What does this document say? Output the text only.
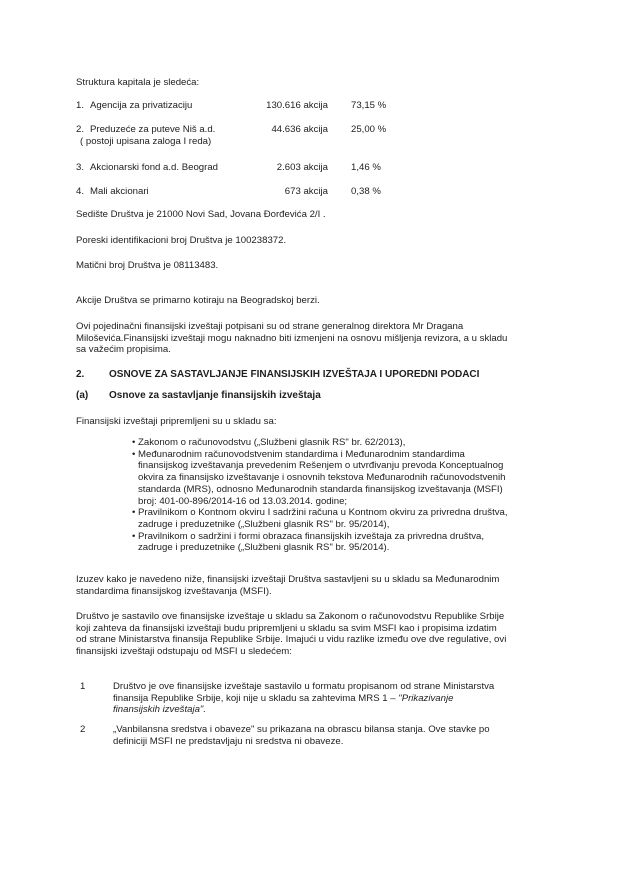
Struktura kapitala je sledeća:
1. Agencija za privatizaciju	130.616 akcija 73,15 %
2. Preduzeće za puteve Niš a.d.	44.636 akcija 25,00 %
( postoji upisana zaloga I reda)
3. Akcionarski fond a.d. Beograd	2.603 akcija 1,46 %
4. Mali akcionari	673 akcija 0,38 %
Sedište Društva je 21000 Novi Sad, Jovana Đorđevića 2/I .
Poreski identifikacioni broj Društva je 100238372.
Matični broj Društva je 08113483.
Akcije Društva se primarno kotiraju na Beogradskoj berzi.
Ovi pojedinačni finansijski izveštaji potpisani su od strane generalnog direktora Mr Dragana
Miloševića.Finansijski izveštaji mogu naknadno biti izmenjeni na osnovu mišljenja revizora, a u skladu
sa važećim propisima.
2. OSNOVE ZA SASTAVLJANJE FINANSIJSKIH IZVEŠTAJA I UPOREDNI PODACI
(a) Osnove za sastavljanje finansijskih izveštaja
Finansijski izveštaji pripremljeni su u skladu sa:
• Zakonom o računovodstvu („Službeni glasnik RS" br. 62/2013),
• Međunarodnim računovodstvenim standardima i Međunarodnim standardima
finansijskog izveštavanja prevedenim Rešenjem o utvrđivanju prevoda Konceptualnog
okvira za finansijsko izveštavanje i osnovnih tekstova Međunarodnih računovodstvenih
standarda (MRS), odnosno Međunarodnih standarda finansijskog izveštavanja (MSFI)
broj: 401-00-896/2014-16 od 13.03.2014. godine;
• Pravilnikom o Kontnom okviru I sadržini računa u Kontnom okviru za privredna društva,
zadruge i preduzetnike („Službeni glasnik RS" br. 95/2014),
• Pravilnikom o sadržini i formi obrazaca finansijskih izveštaja za privredna društva,
zadruge i preduzetnike („Službeni glasnik RS" br. 95/2014).
Izuzev kako je navedeno niže, finansijski izveštaji Društva sastavljeni su u skladu sa Međunarodnim
standardima finansijskog izveštavanja (MSFI).
Društvo je sastavilo ove finansijske izveštaje u skladu sa Zakonom o računovodstvu Republike Srbije
koji zahteva da finansijski izveštaji budu pripremljeni u skladu sa svim MSFI kao i propisima izdatim
od strane Ministarstva finansija Republike Srbije. Imajući u vidu razlike između ove dve regulative, ovi
finansijski izveštaji odstupaju od MSFI u sledećem:
1	Društvo je ove finansijske izveštaje sastavilo u formatu propisanom od strane Ministarstva
finansija Republike Srbije, koji nije u skladu sa zahtevima MRS 1 – "Prikazivanje
finansijskih izveštaja".
2	„Vanbilansna sredstva i obaveze" su prikazana na obrascu bilansa stanja. Ove stavke po
definiciji MSFI ne predstavljaju ni sredstva ni obaveze.
